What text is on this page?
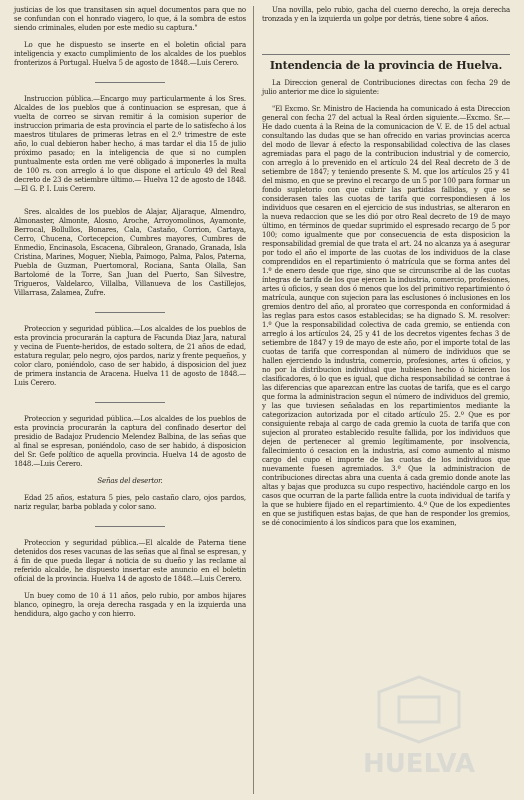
justicias de los que transitasen sin aquel documentos para que no se confundan con el honrado viagero, lo que, á la sombra de estos siendo criminales, eluden por este medio su captura."

Lo que he dispuesto se inserte en el boletin oficial para inteligencia y exacto cumplimiento de los alcaldes de los pueblos fronterizos á Portugal. Huelva 5 de agosto de 1848.—Luis Cerero.

Instruccion pública.—Encargo muy particularmente á los Sres. Alcaldes de los pueblos que á continuacion se espresan, que á vuelta de correo se sirvan remitir á la comision superior de instruccion primaria de esta provincia el parte de lo satisfecho á los maestros titulares de primeras letras en el 2.º trimestre de este año, lo cual debieron haber hecho, á mas tardar el dia 15 de julio próximo pasado; en la inteligencia de que si no cumplen puntualmente esta orden me veré obligado á imponerles la multa de 100 rs. con arreglo á lo que dispone el artículo 49 del Real decreto de 23 de setiembre último.— Huelva 12 de agosto de 1848.—El G. P. I. Luis Cerero.

Sres. alcaldes de los pueblos de Alajar, Aljaraque, Almendro, Almonaster, Almonte, Alosno, Aroche, Arroyomolinos, Ayamonte, Berrocal, Bollullos, Bonares, Cala, Castaño, Corrion, Cartaya, Cerro, Chucena, Cortecepcion, Cumbres mayores, Cumbres de Enmedio, Encinasola, Escacena, Gibraleon, Granado, Granada, Isla Cristina, Marines, Moguer, Niebla, Paimogo, Palma, Palos, Paterna, Puebla de Guzman, Puertomoral, Rociana, Santa Olalla, San Bartolomé de la Torre, San Juan del Puerto, San Silvestre, Trigueros, Valdelarco, Villalba, Villanueva de los Castillejos, Villarrasa, Zalamea, Zufre.

Proteccion y seguridad pública.—Los alcaldes de los pueblos de esta provincia procurarán la captura de Facunda Diaz Jara, natural y vecina de Fuente-heridos, de estado soltera, de 21 años de edad, estatura regular, pelo negro, ojos pardos, nariz y frente pequeños, y color claro, poniéndolo, caso de ser habido, á disposicion del juez de primera instancia de Aracena. Huelva 11 de agosto de 1848.—Luis Cerero.

Proteccion y seguridad pública.—Los alcaldes de los pueblos de esta provincia procurarán la captura del confinado desertor del presidio de Badajoz Prudencio Melendez Balbina, de las señas que al final se espresan, poniéndolo, caso de ser habido, á disposicion del Sr. Gefe político de aquella provincia. Huelva 14 de agosto de 1848.—Luis Cerero.

Señas del desertor.

Edad 25 años, estatura 5 pies, pelo castaño claro, ojos pardos, nariz regular, barba poblada y color sano.

Proteccion y seguridad pública.—El alcalde de Paterna tiene detenidos dos reses vacunas de las señas que al final se espresan, y á fin de que pueda llegar á noticia de su dueño y las reclame al referido alcalde, he dispuesto insertar este anuncio en el boletin oficial de la provincia. Huelva 14 de agosto de 1848.—Luis Cerero.

Un buey como de 10 á 11 años, pelo rubio, por ambos hijares blanco, opinegro, la oreja derecha rasgada y en la izquierda una hendidura, algo gacho y con hierro.

Una novilla, pelo rubio, gacha del cuerno derecho, la oreja derecha tronzada y en la izquierda un golpe por detrás, tiene sobre 4 años.

Intendencia de la provincia de Huelva.

La Direccion general de Contribuciones directas con fecha 29 de julio anterior me dice lo siguiente:

"El Excmo. Sr. Ministro de Hacienda ha comunicado á esta Direccion general con fecha 27 del actual la Real órden siguiente.—Excmo. Sr.—He dado cuenta á la Reina de la comunicacion de V. E. de 15 del actual consultando las dudas que se han ofrecido en varias provincias acerca del modo de llevar á efecto la responsabilidad colectiva de las clases agremiadas para el pago de la contribucion industrial y de comercio, con arreglo á lo prevenido en el artículo 24 del Real decreto de 3 de setiembre de 1847; y teniendo presente S. M. que los artículos 25 y 41 del mismo, en que se previno el recargo de un 5 por 100 para formar un fondo supletorio con que cubrir las partidas fallidas, y que se considerasen tales las cuotas de tarifa que correspondiesen á los individuos que cesaren en el ejercicio de sus industrias, se alteraron en la nueva redaccion que se les dió por otro Real decreto de 19 de mayo último, en términos de quedar suprimido el espresado recargo de 5 por 100; como igualmente que por consecuencia de esta disposicion la responsabilidad gremial de que trata el art. 24 no alcanza ya á asegurar por todo el año el importe de las cuotas de los individuos de la clase comprendidos en el repartimiento ó matrícula que se forma antes del 1.º de enero desde que rige, sino que se circunscribe al de las cuotas íntegras de tarifa de los que ejercen la industria, comercio, profesiones, artes ú oficios, y sean dos ó menos que los del primitivo repartimiento ó matrícula, aunque con sujecion para las esclusiones ó inclusiones en los gremios dentro del año, al prorateo que corresponda en conformidad á las reglas para estos casos establecidas; se ha dignado S. M. resolver: 1.º Que la responsabilidad colectiva de cada gremio, se entienda con arreglo á los artículos 24, 25 y 41 de los decretos vigentes fechas 3 de setiembre de 1847 y 19 de mayo de este año, por el importe total de las cuotas de tarifa que correspondan al número de individuos que se hallen ejerciendo la industria, comercio, profesiones, artes ú oficios, y no por la distribucion individual que hubiesen hecho ó hicieren los clasificadores, ó lo que es igual, que dicha responsabilidad se contrae á las diferencias que aparezcan entre las cuotas de tarifa, que es el cargo que forma la administracion segun el número de individuos del gremio, y las que tuviesen señaladas en los repartimientos mediante la categorizacion autorizada por el citado artículo 25. 2.º Que es por consiguiente rebaja al cargo de cada gremio la cuota de tarifa que con sujecion al prorateo establecido resulte fallida, por los individuos que dejen de pertenecer al gremio legítimamente, por insolvencia, fallecimiento ó cesacion en la industria, así como aumento al mismo cargo del cupo el importe de las cuotas de los individuos que nuevamente fuesen agremiados. 3.º Que la administracion de contribuciones directas abra una cuenta á cada gremio donde anote las altas y bajas que produzca su cupo respectivo, haciéndole cargo en los casos que ocurran de la parte fallida entre la cuota individual de tarifa y la que se hubiere fijado en el repartimiento. 4.º Que de los expedientes en que se justifiquen estas bajas, de que han de responder los gremios, se dé conocimiento á los síndicos para que los examinen,

HUELVA
